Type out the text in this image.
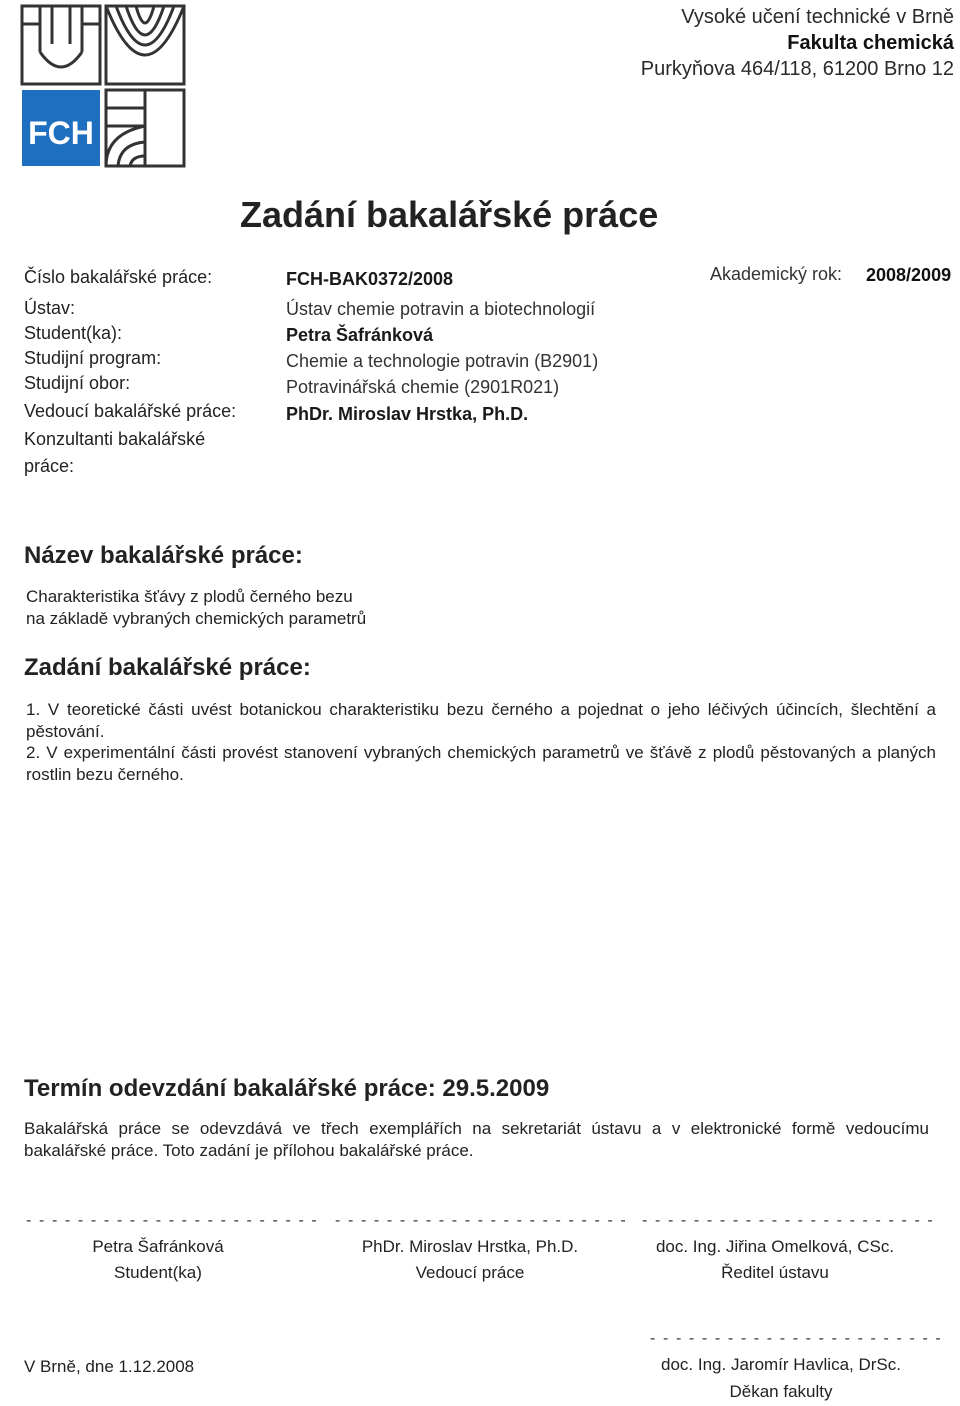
FCH
Vysoké učení technické v Brně
Fakulta chemická
Purkyňova 464/118, 61200 Brno 12
Zadání bakalářské práce
Číslo bakalářské práce:
Ústav:
Student(ka):
Studijní program:
Studijní obor:
Vedoucí bakalářské práce:
Konzultanti bakalářské
práce:
FCH-BAK0372/2008
Ústav chemie potravin a biotechnologií
Petra Šafránková
Chemie a technologie potravin (B2901)
Potravinářská chemie (2901R021)
PhDr. Miroslav Hrstka, Ph.D.
Akademický rok: 2008/2009
Název bakalářské práce:
Charakteristika šťávy z plodů černého bezu
na základě vybraných chemických parametrů
Zadání bakalářské práce:
1. V teoretické části uvést botanickou charakteristiku bezu černého a pojednat o jeho léčivých účincích, šlechtění a pěstování.
2. V experimentální části provést stanovení vybraných chemických parametrů ve šťávě z plodů pěstovaných a planých rostlin bezu černého.
Termín odevzdání bakalářské práce: 29.5.2009
Bakalářská práce se odevzdává ve třech exemplářích na sekretariát ústavu a v elektronické formě vedoucímu bakalářské práce. Toto zadání je přílohou bakalářské práce.
- - - - - - - - - - - - - - - - - - - - - - - - - - - - - - - - - - - - - - - - - - - - - - - - - - - - - - - - - - - - - - - - - - - - -
Petra Šafránková
Student(ka)
PhDr. Miroslav Hrstka, Ph.D.
Vedoucí práce
doc. Ing. Jiřina Omelková, CSc.
Ředitel ústavu
- - - - - - - - - - - - - - - - - - - - - - -
V Brně, dne 1.12.2008	doc. Ing. Jaromír Havlica, DrSc.
Děkan fakulty
